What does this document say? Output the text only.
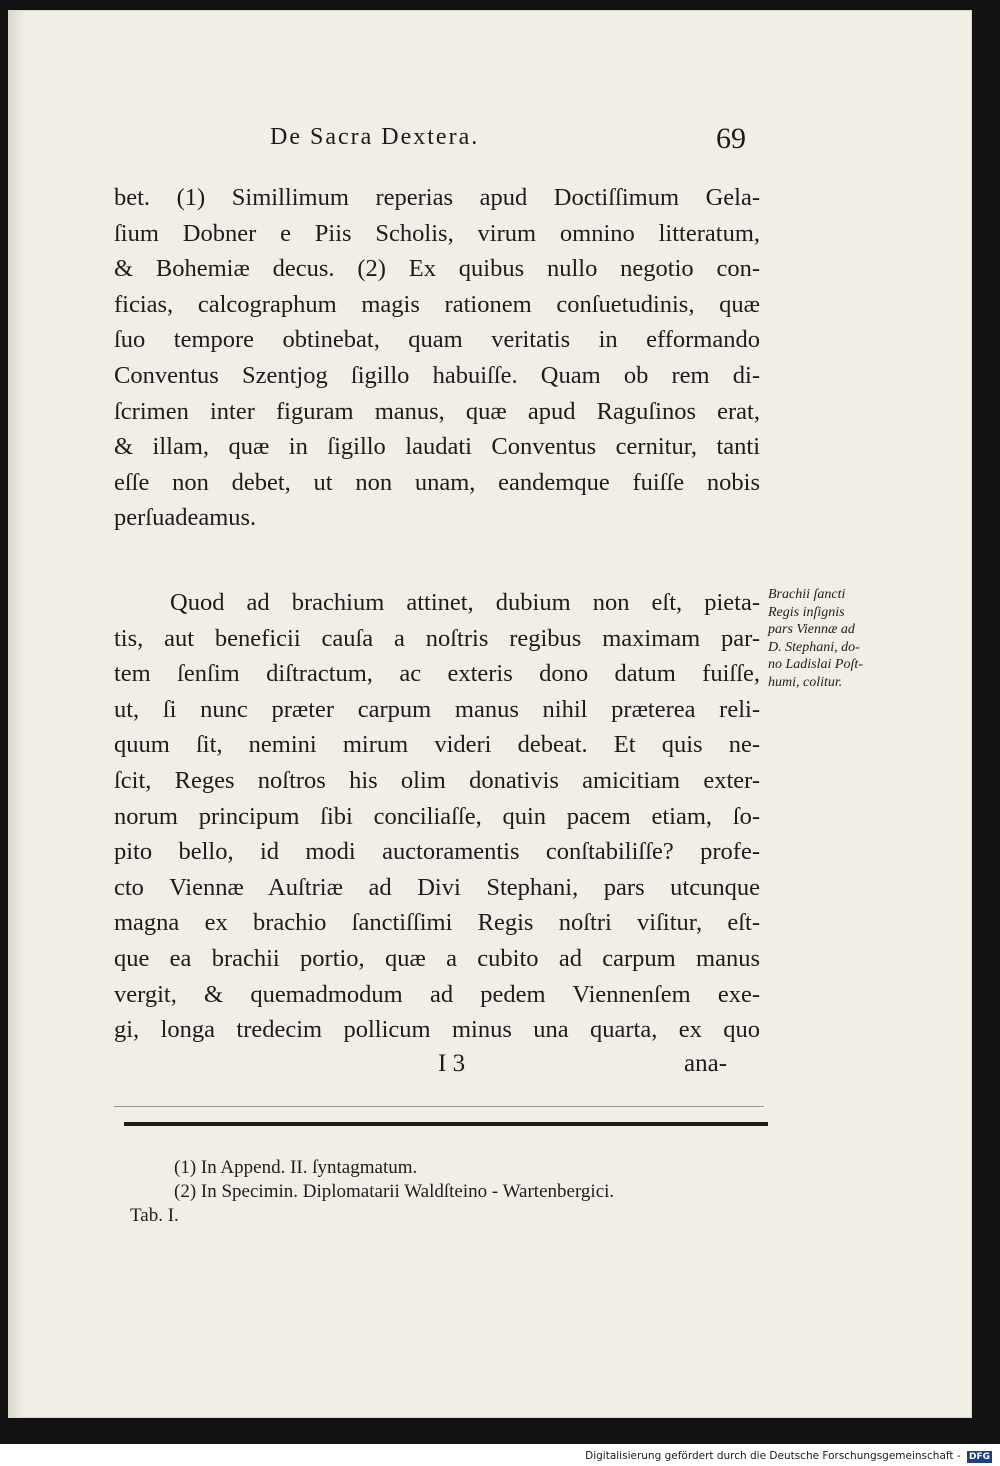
De Sacra Dextera.	69
bet. (1) Simillimum reperias apud Doctiſſimum Gela-
ſium Dobner e Piis Scholis, virum omnino litteratum,
& Bohemiæ decus. (2) Ex quibus nullo negotio con-
ficias, calcographum magis rationem conſuetudinis, quæ
ſuo tempore obtinebat, quam veritatis in efformando
Conventus Szentjog ſigillo habuiſſe. Quam ob rem di-
ſcrimen inter figuram manus, quæ apud Raguſinos erat,
& illam, quæ in ſigillo laudati Conventus cernitur, tanti
eſſe non debet, ut non unam, eandemque fuiſſe nobis
perſuadeamus.
Quod ad brachium attinet, dubium non eſt, pieta-
tis, aut beneficii cauſa a noſtris regibus maximam par-
tem ſenſim diſtractum, ac exteris dono datum fuiſſe,
ut, ſi nunc præter carpum manus nihil præterea reli-
quum ſit, nemini mirum videri debeat. Et quis ne-
ſcit, Reges noſtros his olim donativis amicitiam exter-
norum principum ſibi conciliaſſe, quin pacem etiam, ſo-
pito bello, id modi auctoramentis conſtabiliſſe? profe-
cto Viennæ Auſtriæ ad Divi Stephani, pars utcunque
magna ex brachio ſanctiſſimi Regis noſtri viſitur, eſt-
que ea brachii portio, quæ a cubito ad carpum manus
vergit, & quemadmodum ad pedem Viennenſem exe-
gi, longa tredecim pollicum minus una quarta, ex quo
Brachii ſancti
Regis inſignis
pars Viennæ ad
D. Stephani, do-
no Ladislai Poſt-
humi, colitur.
I 3	ana-
(1) In Append. II. ſyntagmatum.
(2) In Specimin. Diplomatarii Waldſteino - Wartenbergici.
Tab. I.
Digitalisierung gefördert durch die Deutsche Forschungsgemeinschaft - DFG
